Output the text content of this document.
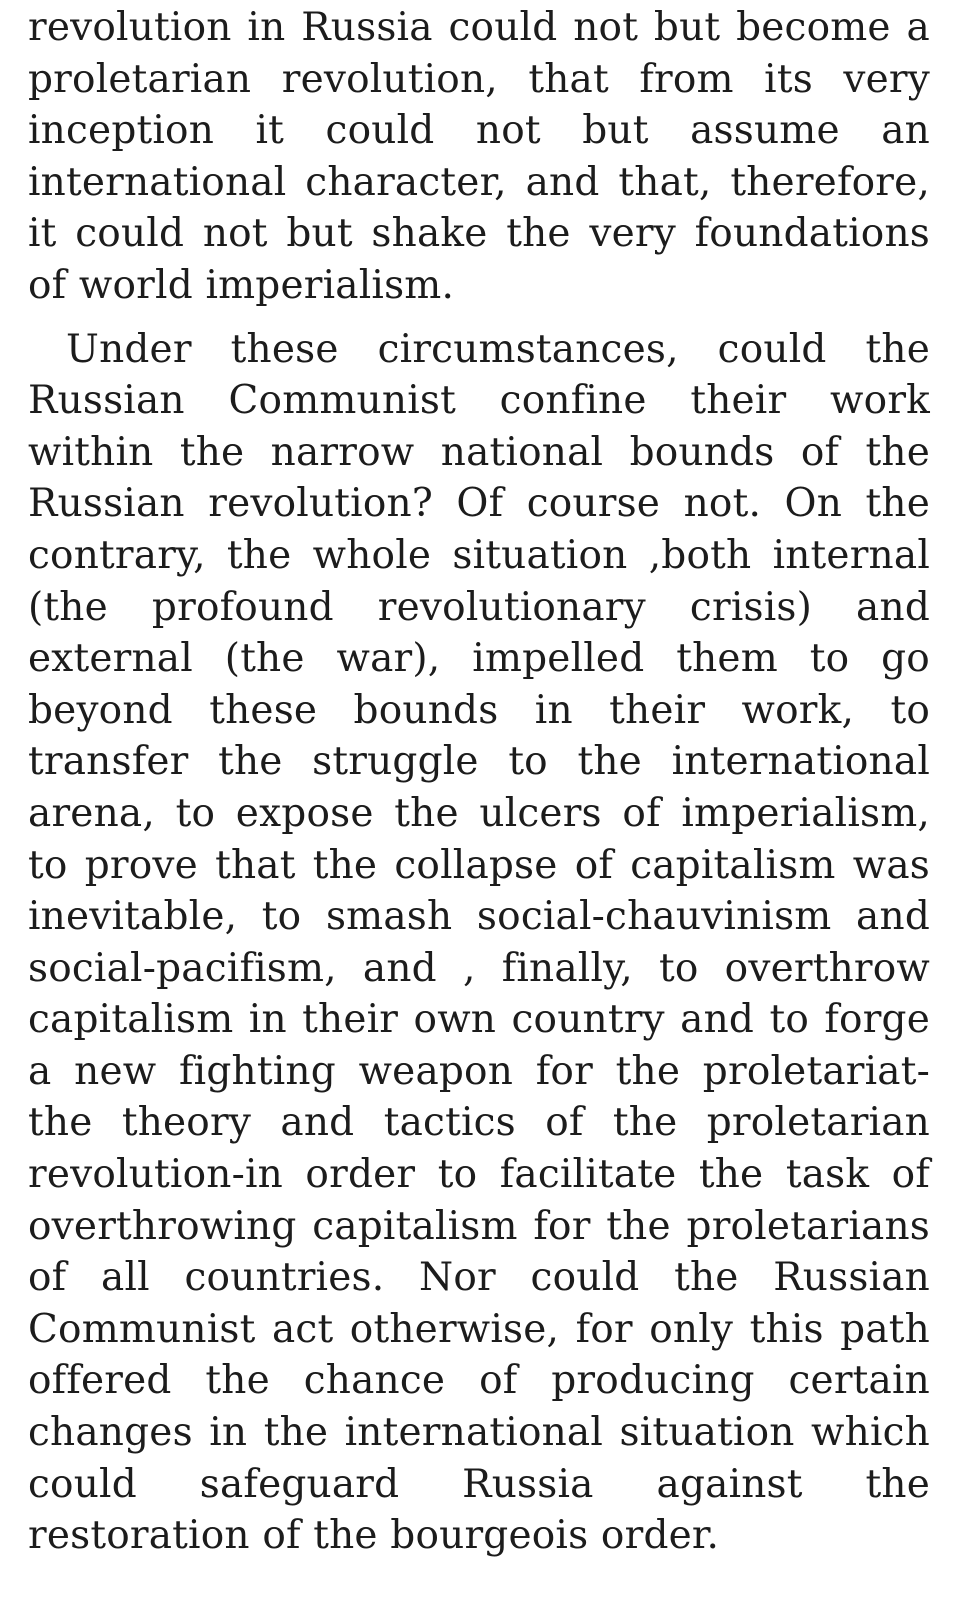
revolution in Russia could not but become a proletarian revolution, that from its very inception it could not but assume an international character, and that, therefore, it could not but shake the very foundations of world imperialism.

Under these circumstances, could the Russian Communist confine their work within the narrow national bounds of the Russian revolution? Of course not. On the contrary, the whole situation ,both internal (the profound revolutionary crisis) and external (the war), impelled them to go beyond these bounds in their work, to transfer the struggle to the international arena, to expose the ulcers of imperialism, to prove that the collapse of capitalism was inevitable, to smash social-chauvinism and social-pacifism, and , finally, to overthrow capitalism in their own country and to forge a new fighting weapon for the proletariat-the theory and tactics of the proletarian revolution-in order to facilitate the task of overthrowing capitalism for the proletarians of all countries. Nor could the Russian Communist act otherwise, for only this path offered the chance of producing certain changes in the international situation which could safeguard Russia against the restoration of the bourgeois order.
